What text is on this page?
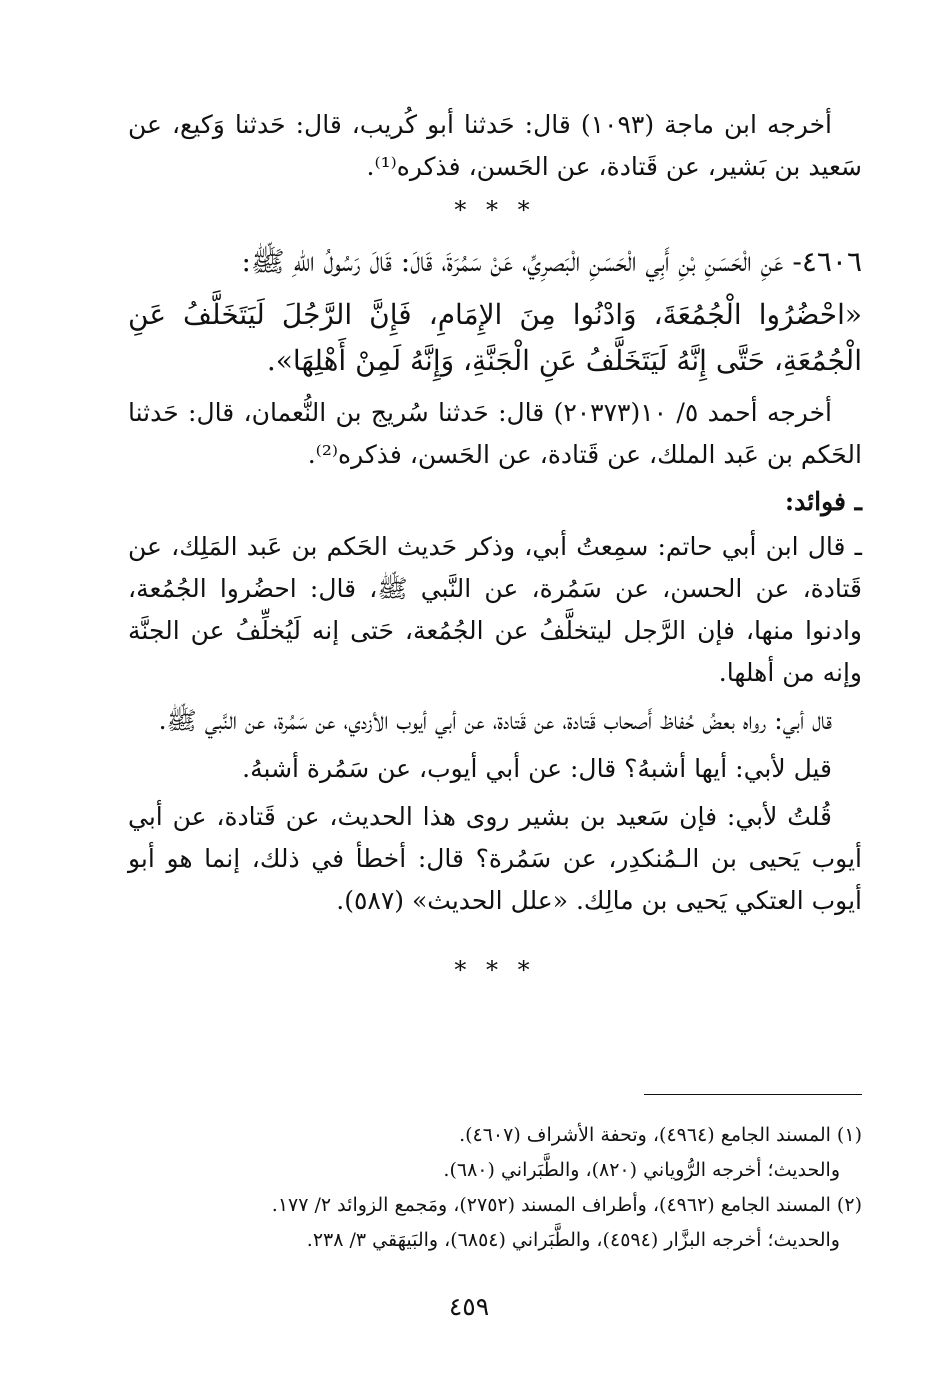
أخرجه ابن ماجة (١٠٩٣) قال: حَدثنا أبو كُريب، قال: حَدثنا وَكيع، عن سَعيد بن بَشير، عن قَتادة، عن الحَسن، فذكره⁽¹⁾.

* * *

٤٦٠٦- عَنِ الْحَسَنِ بْنِ أَبِي الْحَسَنِ الْبَصرِيِّ، عَنْ سَمُرَةَ، قَالَ: قَالَ رَسُولُ اللهِ ﷺ:

«احْضُرُوا الْجُمُعَةَ، وَادْنُوا مِنَ الإِمَامِ، فَإِنَّ الرَّجُلَ لَيَتَخَلَّفُ عَنِ الْجُمُعَةِ، حَتَّى إِنَّهُ لَيَتَخَلَّفُ عَنِ الْجَنَّةِ، وَإِنَّهُ لَمِنْ أَهْلِهَا».

أخرجه أحمد ٥/ ١٠(٢٠٣٧٣) قال: حَدثنا سُريج بن النُّعمان، قال: حَدثنا الحَكم بن عَبد الملك، عن قَتادة، عن الحَسن، فذكره⁽²⁾.

ـ فوائد:

ـ قال ابن أبي حاتم: سمِعتُ أبي، وذكر حَديث الحَكم بن عَبد المَلِك، عن قَتادة، عن الحسن، عن سَمُرة، عن النَّبي ﷺ، قال: احضُروا الجُمُعة، وادنوا منها، فإن الرَّجل ليتخلَّفُ عن الجُمُعة، حَتى إنه لَيُخلِّفُ عن الجنَّة وإنه من أهلها.

قال أبي: رواه بعضُ حُفاظ أَصحاب قَتادة، عن قَتادة، عن أبي أيوب الأزدي، عن سَمُرة، عن النَّبي ﷺ.

قيل لأبي: أيها أشبهُ؟ قال: عن أبي أيوب، عن سَمُرة أشبهُ.

قُلتُ لأبي: فإن سَعيد بن بشير روى هذا الحديث، عن قَتادة، عن أبي أيوب يَحيى بن الـمُنكدِر، عن سَمُرة؟ قال: أخطأ في ذلك، إنما هو أبو أيوب العتكي يَحيى بن مالِك. «علل الحديث» (٥٨٧).

* * *

(١) المسند الجامع (٤٩٦٤)، وتحفة الأشراف (٤٦٠٧).

والحديث؛ أخرجه الرُّوياني (٨٢٠)، والطَّبَراني (٦٨٠).

(٢) المسند الجامع (٤٩٦٢)، وأطراف المسند (٢٧٥٢)، ومَجمع الزوائد ٢/ ١٧٧.

والحديث؛ أخرجه البزَّار (٤٥٩٤)، والطَّبَراني (٦٨٥٤)، والبَيهَقي ٣/ ٢٣٨.

٤٥٩
